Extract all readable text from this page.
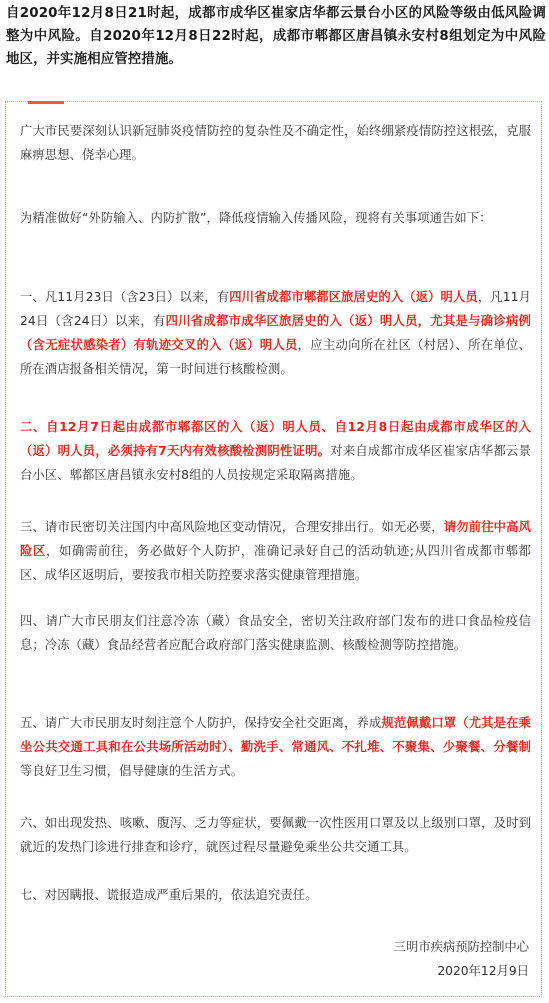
自2020年12月8日21时起，成都市成华区崔家店华都云景台小区的风险等级由低风险调整为中风险。自2020年12月8日22时起，成都市郫都区唐昌镇永安村8组划定为中风险地区，并实施相应管控措施。
广大市民要深刻认识新冠肺炎疫情防控的复杂性及不确定性，始终绷紧疫情防控这根弦，克服麻痹思想、侥幸心理。
为精准做好“外防输入、内防扩散”，降低疫情输入传播风险，现将有关事项通告如下：
一、凡11月23日（含23日）以来，有四川省成都市郫都区旅居史的入（返）明人员，凡11月24日（含24日）以来，有四川省成都市成华区旅居史的入（返）明人员，尤其是与确诊病例（含无症状感染者）有轨迹交叉的入（返）明人员，应主动向所在社区（村居）、所在单位、所在酒店报备相关情况，第一时间进行核酸检测。
二、自12月7日起由成都市郫都区的入（返）明人员、自12月8日起由成都市成华区的入（返）明人员，必须持有7天内有效核酸检测阴性证明。对来自成都市成华区崔家店华都云景台小区、郫都区唐昌镇永安村8组的人员按规定采取隔离措施。
三、请市民密切关注国内中高风险地区变动情况，合理安排出行。如无必要，请勿前往中高风险区，如确需前往，务必做好个人防护，准确记录好自己的活动轨迹;从四川省成都市郫都区、成华区返明后，要按我市相关防控要求落实健康管理措施。
四、请广大市民朋友们注意冷冻（藏）食品安全，密切关注政府部门发布的进口食品检疫信息；冷冻（藏）食品经营者应配合政府部门落实健康监测、核酸检测等防控措施。
五、请广大市民朋友时刻注意个人防护，保持安全社交距离，养成规范佩戴口罩（尤其是在乘坐公共交通工具和在公共场所活动时）、勤洗手、常通风、不扎堆、不聚集、少聚餐、分餐制等良好卫生习惯，倡导健康的生活方式。
六、如出现发热、咳嗽、腹泻、乏力等症状，要佩戴一次性医用口罩及以上级别口罩，及时到就近的发热门诊进行排查和诊疗，就医过程尽量避免乘坐公共交通工具。
七、对因瞒报、谎报造成严重后果的，依法追究责任。
三明市疾病预防控制中心
2020年12月9日
